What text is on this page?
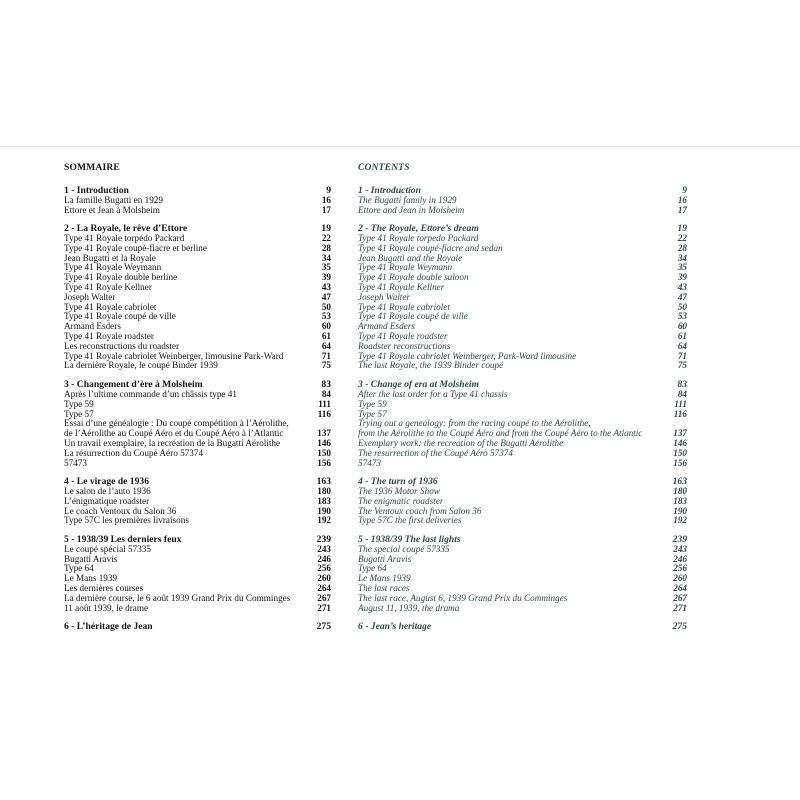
SOMMAIRE
1 - Introduction	9
La famille Bugatti en 1929	16
Ettore et Jean à Molsheim	17
2 - La Royale, le rêve d’Ettore	19
Type 41 Royale torpédo Packard	22
Type 41 Royale coupé-fiacre et berline	28
Jean Bugatti et la Royale	34
Type 41 Royale Weymann	35
Type 41 Royale double berline	39
Type 41 Royale Kellner	43
Joseph Walter	47
Type 41 Royale cabriolet	50
Type 41 Royale coupé de ville	53
Armand Esders	60
Type 41 Royale roadster	61
Les reconstructions du roadster	64
Type 41 Royale cabriolet Weinberger, limousine Park-Ward	71
La dernière Royale, le coupé Binder 1939	75
3 - Changement d’ère à Molsheim	83
Après l’ultime commande d’un châssis type 41	84
Type 59	111
Type 57	116
Essai d’une généalogie : Du coupé compétition à l’Aérolithe,
de l’Aérolithe au Coupé Aéro et du Coupé Aéro à l’Atlantic	137
Un travail exemplaire, la recréation de la Bugatti Aérolithe	146
La résurrection du Coupé Aéro 57374	150
57473	156
4 - Le virage de 1936	163
Le salon de l’auto 1936	180
L’énigmatique roadster	183
Le coach Ventoux du Salon 36	190
Type 57C les premières livraisons	192
5 - 1938/39 Les derniers feux	239
Le coupé spécial 57335	243
Bugatti Aravis	246
Type 64	256
Le Mans 1939	260
Les dernières courses	264
La dernière course, le 6 août 1939 Grand Prix du Comminges	267
11 août 1939, le drame	271
6 - L’héritage de Jean	275
CONTENTS
1 - Introduction	9
The Bugatti family in 1929	16
Ettore and Jean in Molsheim	17
2 - The Royale, Ettore’s dream	19
Type 41 Royale torpedo Packard	22
Type 41 Royale coupé-fiacre and sedan	28
Jean Bugatti and the Royale	34
Type 41 Royale Weymann	35
Type 41 Royale double saloon	39
Type 41 Royale Kellner	43
Joseph Walter	47
Type 41 Royale cabriolet	50
Type 41 Royale coupé de ville	53
Armand Esders	60
Type 41 Royale roadster	61
Roadster reconstructions	64
Type 41 Royale cabriolet Weinberger, Park-Ward limousine	71
The last Royale, the 1939 Binder coupé	75
3 - Change of era at Molsheim	83
After the last order for a Type 41 chassis	84
Type 59	111
Type 57	116
Trying out a genealogy: from the racing coupé to the Aérolithe,
from the Aérolithe to the Coupé Aéro and from the Coupé Aéro to the Atlantic	137
Exemplary work: the recreation of the Bugatti Aérolithe	146
The resurrection of the Coupé Aéro 57374	150
57473	156
4 - The turn of 1936	163
The 1936 Motor Show	180
The enigmatic roadster	183
The Ventoux coach from Salon 36	190
Type 57C the first deliveries	192
5 - 1938/39 The last lights	239
The special coupé 57335	243
Bugatti Aravis	246
Type 64	256
Le Mans 1939	260
The last races	264
The last race, August 6, 1939 Grand Prix du Comminges	267
August 11, 1939, the drama	271
6 - Jean’s heritage	275
